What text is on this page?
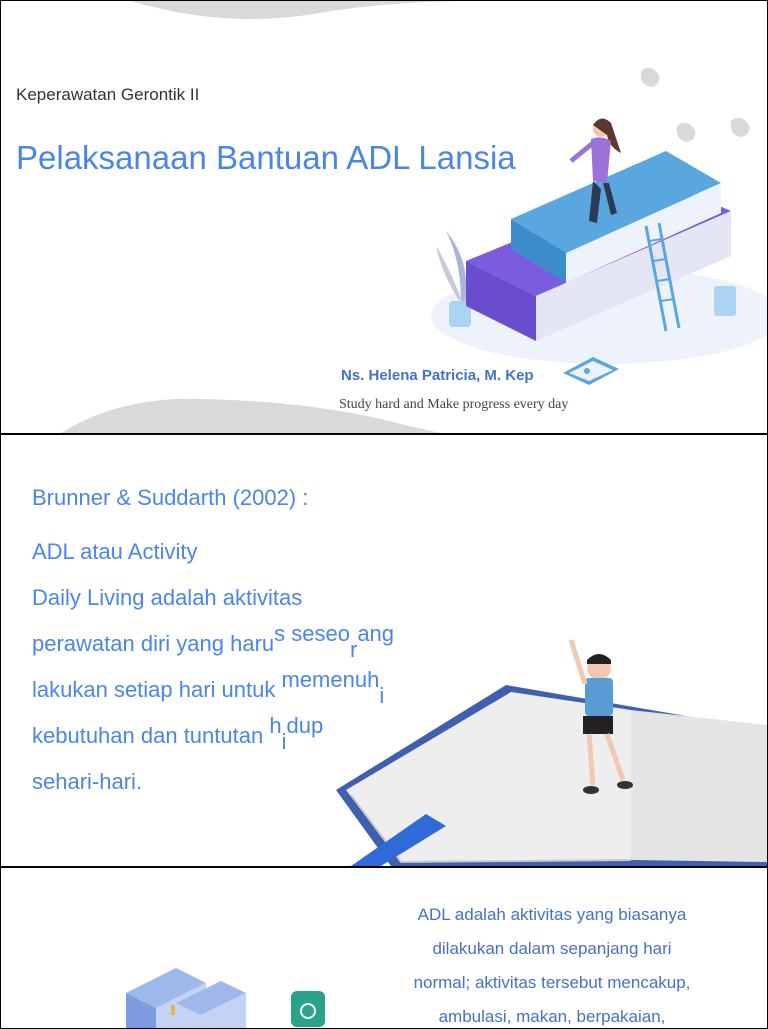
Keperawatan Gerontik II
Pelaksanaan Bantuan ADL Lansia
Ns. Helena Patricia, M. Kep
Study hard and Make progress every day
Brunner & Suddarth (2002) :
ADL atau Activity
Daily Living adalah aktivitas
perawatan diri yang harus seseorang
lakukan setiap hari untuk memenuhi
kebutuhan dan tuntutan hidup
sehari-hari.
ADL adalah aktivitas yang biasanya
dilakukan dalam sepanjang hari
normal; aktivitas tersebut mencakup,
ambulasi, makan, berpakaian,
